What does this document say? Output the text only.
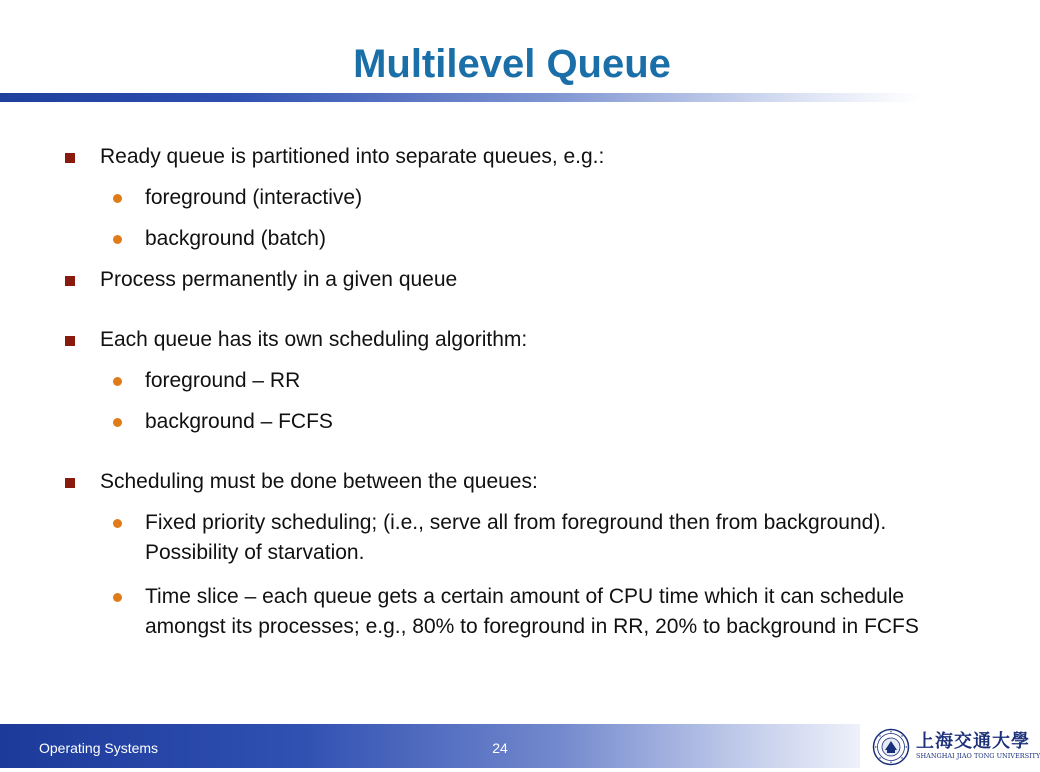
Multilevel Queue
Ready queue is partitioned into separate queues, e.g.:
foreground (interactive)
background (batch)
Process permanently in a given queue
Each queue has its own scheduling algorithm:
foreground – RR
background – FCFS
Scheduling must be done between the queues:
Fixed priority scheduling; (i.e., serve all from foreground then from background). Possibility of starvation.
Time slice – each queue gets a certain amount of CPU time which it can schedule amongst its processes; e.g., 80% to foreground in RR, 20% to background in FCFS
Operating Systems	24	上海交通大學
SHANGHAI JIAO TONG UNIVERSITY
